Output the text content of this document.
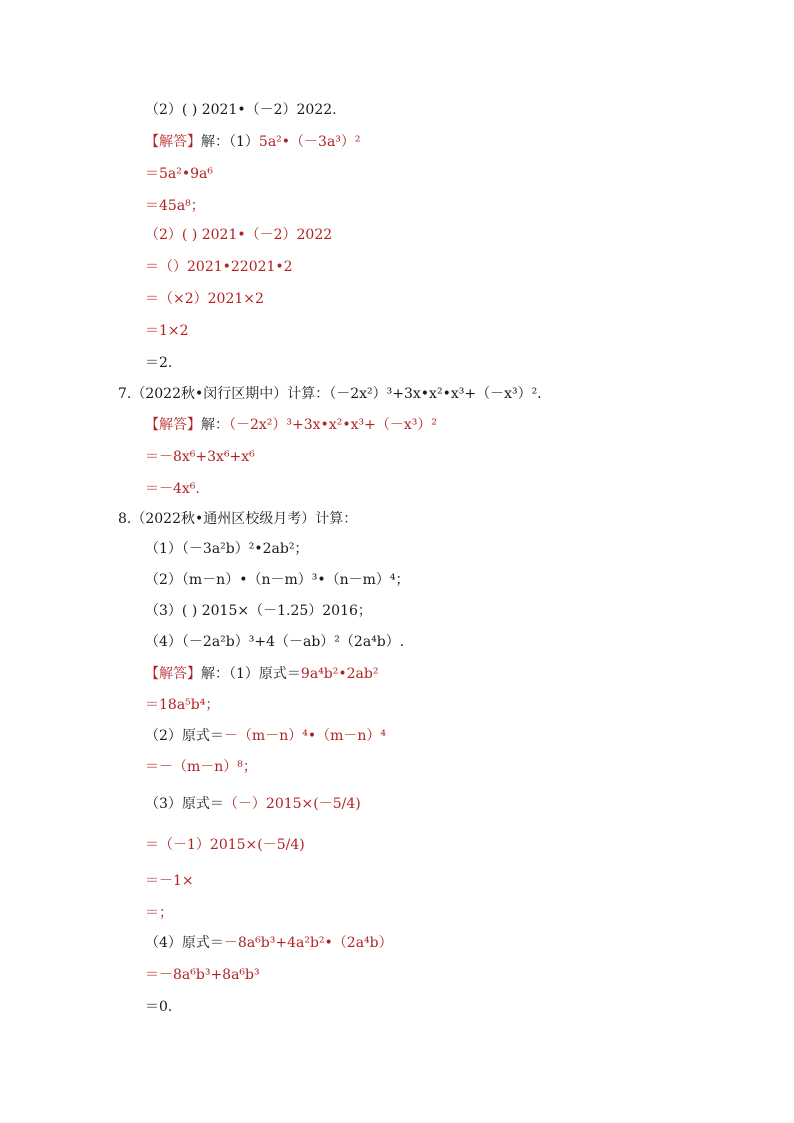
（2）( ) 2021•（－2）2022.
【解答】解：（1）5a²•（－3a³）²
＝5a²•9a⁶
＝45a⁸；
（2）( ) 2021•（－2）2022
＝（）2021•22021•2
＝（×2）2021×2
＝1×2
＝2.
7.（2022秋•闵行区期中）计算：（－2x²）³+3x•x²•x³+（－x³）².
【解答】解：（－2x²）³+3x•x²•x³+（－x³）²
＝－8x⁶+3x⁶+x⁶
＝－4x⁶.
8.（2022秋•通州区校级月考）计算：
（1）（－3a²b）²•2ab²；
（2）（m－n）•（n－m）³•（n－m）⁴；
（3）( ) 2015×（－1.25）2016；
（4）（－2a²b）³+4（－ab）²（2a⁴b）.
【解答】解：（1）原式＝9a⁴b²•2ab²
＝18a⁵b⁴；
（2）原式＝－（m－n）⁴•（m－n）⁴
＝－（m－n）⁸；
（3）原式＝（－）2015×(－5/4)
＝（－1）2015×(－5/4)
＝－1×
＝；
（4）原式＝－8a⁶b³+4a²b²•（2a⁴b）
＝－8a⁶b³+8a⁶b³
＝0.
